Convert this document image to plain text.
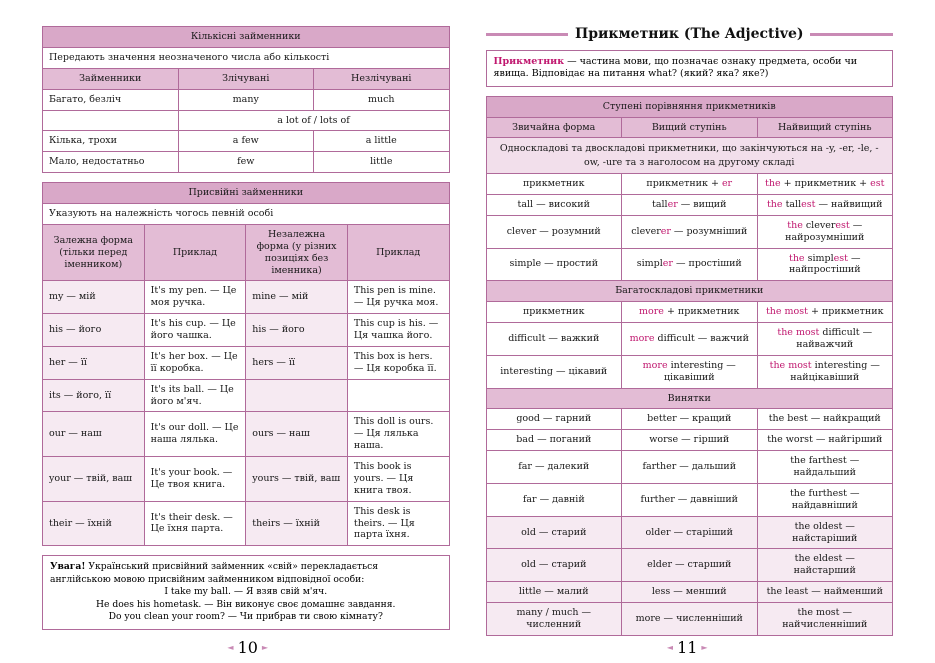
Кількісні займенники		
Передають значення неозначеного числа або кількості		
Займенники	Злічувані	Незлічувані
Багато, безліч	many	much
	a lot of / lots of	
Кілька, трохи	a few	a little
Мало, недостатньо	few	little
Присвійні займенники			
Указують на належність чогось певній особі			
Залежна форма (тільки перед іменником)	Приклад	Незалежна форма (у різних позиціях без іменника)	Приклад
my — мій	It's my pen. — Це моя ручка.	mine — мій	This pen is mine. — Ця ручка моя.
his — його	It's his cup. — Це його чашка.	his — його	This cup is his. — Ця чашка його.
her — її	It's her box. — Це її коробка.	hers — її	This box is hers. — Ця коробка її.
its — його, її	It's its ball. — Це його м'яч.		
our — наш	It's our doll. — Це наша лялька.	ours — наш	This doll is ours. — Ця лялька наша.
your — твій, ваш	It's your book. — Це твоя книга.	yours — твій, ваш	This book is yours. — Ця книга твоя.
their — їхній	It's their desk. — Це їхня парта.	theirs — їхній	This desk is theirs. — Ця парта їхня.
Увага! Український присвійний займенник «свій» перекладається англійською мовою присвійним займенником відповідної особи:
I take my ball. — Я взяв свій м'яч.
He does his hometask. — Він виконує своє домашнє завдання.
Do you clean your room? — Чи прибрав ти свою кімнату?
◄ 10 ►
Прикметник (The Adjective)
Прикметник — частина мови, що позначає ознаку предмета, особи чи явища. Відповідає на питання what? (який? яка? яке?)
Ступені порівняння прикметників		
Звичайна форма	Вищий ступінь	Найвищий ступінь
Односкладові та двоскладові прикметники, що закінчуються на -y, -er, -le, -ow, -ure та з наголосом на другому складі		
прикметник	прикметник + er	the + прикметник + est
tall — високий	taller — вищий	the tallest — найвищий
clever — розумний	cleverer — розумніший	the cleverest — найрозумніший
simple — простий	simpler — простіший	the simplest — найпростіший
Багатоскладові прикметники		
прикметник	more + прикметник	the most + прикметник
difficult — важкий	more difficult — важчий	the most difficult — найважчий
interesting — цікавий	more interesting — цікавіший	the most interesting — найцікавіший
Винятки		
good — гарний	better — кращий	the best — найкращий
bad — поганий	worse — гірший	the worst — найгірший
far — далекий	farther — дальший	the farthest — найдальший
far — давній	further — давніший	the furthest — найдавніший
old — старий	older — старіший	the oldest — найстаріший
old — старий	elder — старший	the eldest — найстарший
little — малий	less — менший	the least — найменший
many / much — численний	more — численніший	the most — найчисленніший
◄ 11 ►
